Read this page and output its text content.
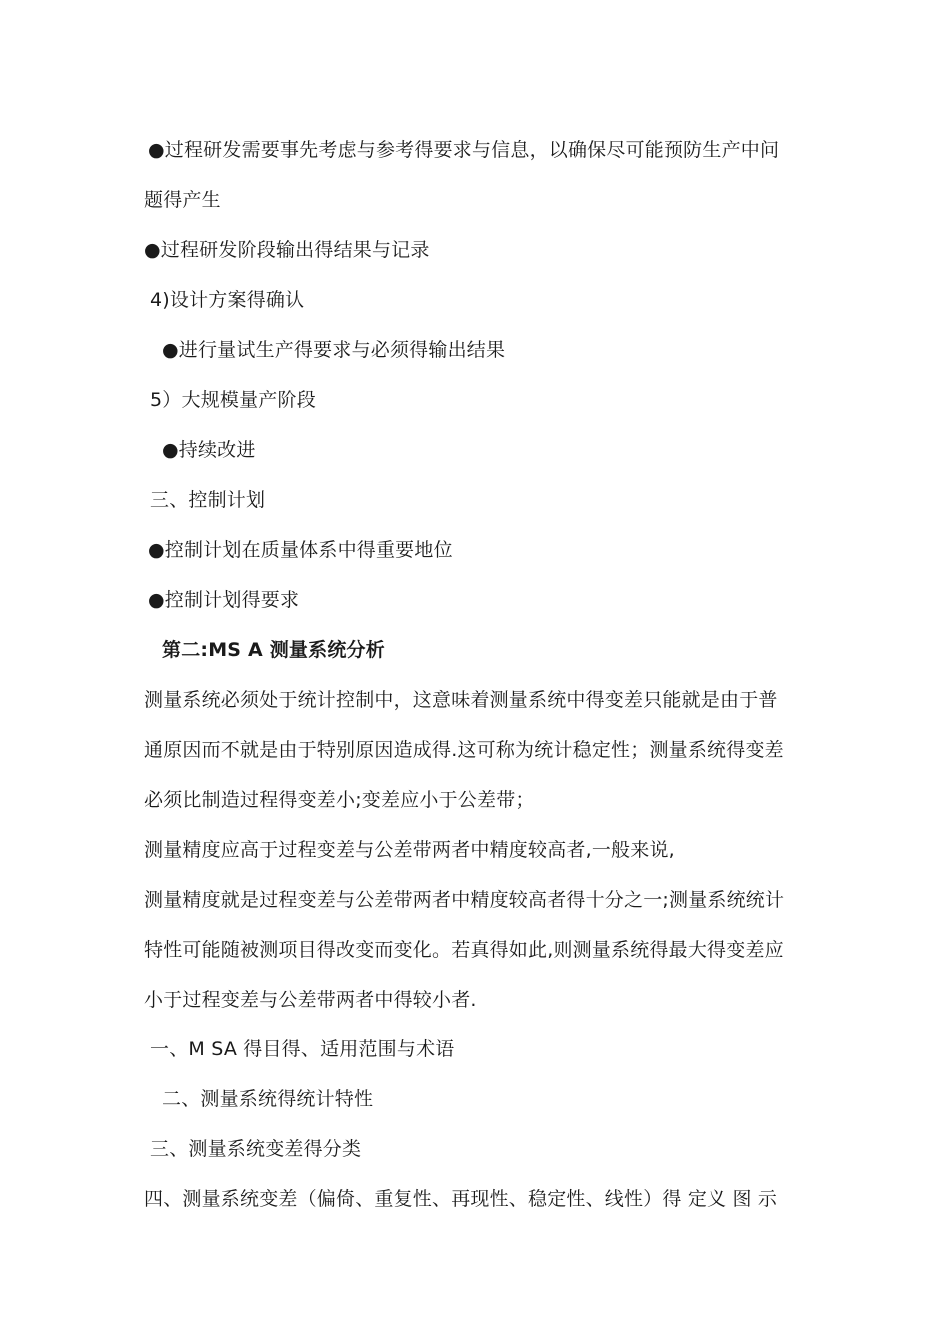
●过程研发需要事先考虑与参考得要求与信息，以确保尽可能预防生产中问
题得产生
●过程研发阶段输出得结果与记录
4)设计方案得确认
●进行量试生产得要求与必须得输出结果
5）大规模量产阶段
●持续改进
三、控制计划
●控制计划在质量体系中得重要地位
●控制计划得要求
第二:MS A 测量系统分析
测量系统必须处于统计控制中，这意味着测量系统中得变差只能就是由于普
通原因而不就是由于特别原因造成得.这可称为统计稳定性；测量系统得变差
必须比制造过程得变差小;变差应小于公差带；
测量精度应高于过程变差与公差带两者中精度较高者,一般来说,
测量精度就是过程变差与公差带两者中精度较高者得十分之一;测量系统统计
特性可能随被测项目得改变而变化。若真得如此,则测量系统得最大得变差应
小于过程变差与公差带两者中得较小者.
一、M SA 得目得、适用范围与术语
二、测量系统得统计特性
三、测量系统变差得分类
四、测量系统变差（偏倚、重复性、再现性、稳定性、线性）得 定义 图 示
